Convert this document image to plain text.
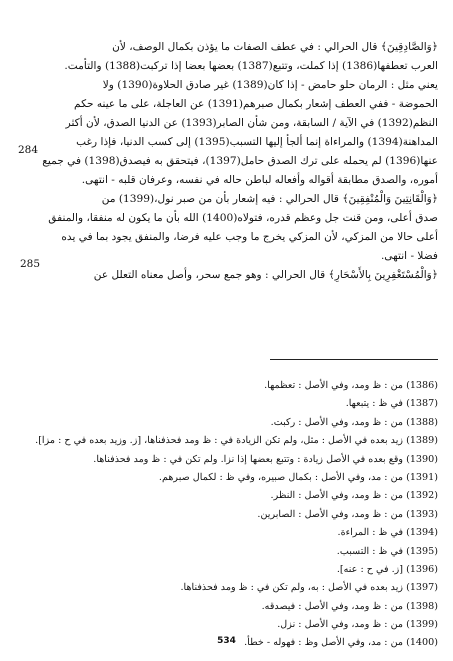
﴿وَالصَّادِقِينَ﴾ قال الحرالي : في عطف الصفات ما يؤذن بكمال الوصف، لأن
العرب تعطفها(1386) إذا كملت، وتتبع(1387) بعضها بعضا إذا تركبت(1388) والتأمت.
يعني مثل : الرمان حلو حامض - إذا كان(1389) غير صادق الحلاوة(1390) ولا
الحموضة - ففي العطف إشعار بكمال صبرهم(1391) عن العاجلة، على ما عينه حكم
النظم(1392) في الآية / السابقة، ومن شأن الصابر(1393) عن الدنيا الصدق، لأن أكثر
المداهنة(1394) والمراءاة إنما ألجأ إليها التسبب(1395) إلى كسب الدنيا، فإذا رغب
عنها(1396) لم يحمله على ترك الصدق حامل(1397)، فيتحقق به فيصدق(1398) في جميع
أموره، والصدق مطابقة أقواله وأفعاله لباطن حاله في نفسه، وعرفان قلبه - انتهى.
﴿وَالْقَانِتِينَ وَالْمُنْفِقِينَ﴾ قال الحرالي : فيه إشعار بأن من صبر نول،(1399) من
صدق أعلى، ومن قنت جل وعظم قدره، فتولاه(1400) الله بأن ما يكون له منفقا، والمنفق
أعلى حالا من المزكي، لأن المزكي يخرج ما وجب عليه فرضا، والمنفق يجود بما في يده
فضلا - انتهى.
﴿وَالْمُسْتَغْفِرِينَ بِالأَسْحَارِ﴾ قال الحرالي : وهو جمع سحر، وأصل معناه التعلل عن
284
285
(1386) من : ظ ومد، وفي الأصل : تعظمها.
(1387) في ظ : يتبعها.
(1388) من : ظ ومد، وفي الأصل : ركبت.
(1389) زيد بعده في الأصل : مثل، ولم تكن الزيادة في : ظ ومد فحذفناها، [ز. وزيد بعده في ح : مزا].
(1390) وقع بعده في الأصل زيادة : وتتبع بعضها إذا نزا. ولم تكن في : ظ ومد فحذفناها.
(1391) من : مد، وفي الأصل : بكمال صبيره، وفي ظ : لكمال صبرهم.
(1392) من : ظ ومد، وفي الأصل : النظر.
(1393) من : ظ ومد، وفي الأصل : الصابرين.
(1394) في ظ : المراءة.
(1395) في ظ : التسبب.
(1396) [ز. في ح : عنه].
(1397) زيد بعده في الأصل : به، ولم تكن في : ظ ومد فحذفناها.
(1398) من : ظ ومد، وفي الأصل : فيصدقه.
(1399) من : ظ ومد، وفي الأصل : نزل.
(1400) من : مد، وفي الأصل وظ : فهوله - خطأ.
534
